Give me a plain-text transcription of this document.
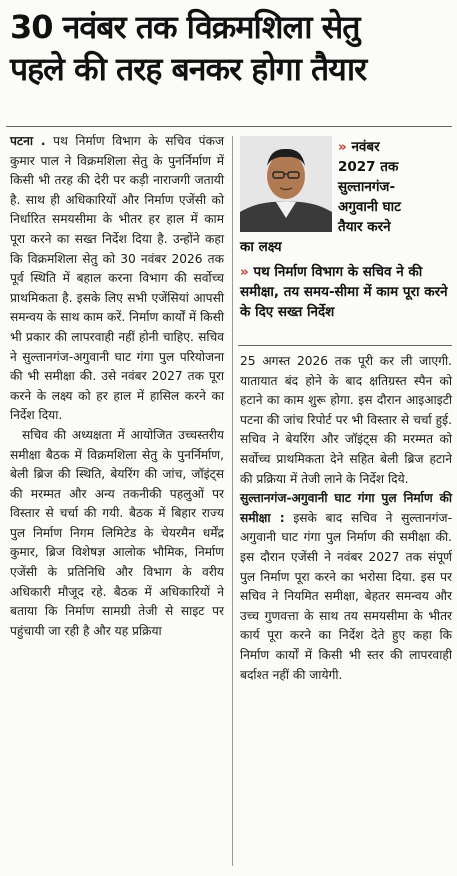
30 नवंबर तक विक्रमशिला सेतु
पहले की तरह बनकर होगा तैयार

पटना . पथ निर्माण विभाग के सचिव पंकज कुमार पाल ने विक्रमशिला सेतु के पुनर्निर्माण में किसी भी तरह की देरी पर कड़ी नाराजगी जतायी है. साथ ही अधिकारियों और निर्माण एजेंसी को निर्धारित समयसीमा के भीतर हर हाल में काम पूरा करने का सख्त निर्देश दिया है. उन्होंने कहा कि विक्रमशिला सेतु को 30 नवंबर 2026 तक पूर्व स्थिति में बहाल करना विभाग की सर्वोच्च प्राथमिकता है. इसके लिए सभी एजेंसियां आपसी समन्वय के साथ काम करें. निर्माण कार्यों में किसी भी प्रकार की लापरवाही नहीं होनी चाहिए. सचिव ने सुल्तानगंज-अगुवानी घाट गंगा पुल परियोजना की भी समीक्षा की. उसे नवंबर 2027 तक पूरा करने के लक्ष्य को हर हाल में हासिल करने का निर्देश दिया.

सचिव की अध्यक्षता में आयोजित उच्चस्तरीय समीक्षा बैठक में विक्रमशिला सेतु के पुनर्निर्माण, बेली ब्रिज की स्थिति, बेयरिंग की जांच, जॉइंट्स की मरम्मत और अन्य तकनीकी पहलुओं पर विस्तार से चर्चा की गयी. बैठक में बिहार राज्य पुल निर्माण निगम लिमिटेड के चेयरमैन धर्मेंद्र कुमार, ब्रिज विशेषज्ञ आलोक भौमिक, निर्माण एजेंसी के प्रतिनिधि और विभाग के वरीय अधिकारी मौजूद रहे. बैठक में अधिकारियों ने बताया कि निर्माण सामग्री तेजी से साइट पर पहुंचायी जा रही है और यह प्रक्रिया

» नवंबर
2027 तक
सुल्तानगंज-
अगुवानी घाट
तैयार करने
का लक्ष्य
» पथ निर्माण विभाग के सचिव ने की समीक्षा, तय समय-सीमा में काम पूरा करने के दिए सख्त निर्देश

25 अगस्त 2026 तक पूरी कर ली जाएगी. यातायात बंद होने के बाद क्षतिग्रस्त स्पैन को हटाने का काम शुरू होगा. इस दौरान आइआइटी पटना की जांच रिपोर्ट पर भी विस्तार से चर्चा हुई. सचिव ने बेयरिंग और जॉइंट्स की मरम्मत को सर्वोच्च प्राथमिकता देने सहित बेली ब्रिज हटाने की प्रक्रिया में तेजी लाने के निर्देश दिये.

सुल्तानगंज-अगुवानी घाट गंगा पुल निर्माण की समीक्षा : इसके बाद सचिव ने सुल्तानगंज-अगुवानी घाट गंगा पुल निर्माण की समीक्षा की. इस दौरान एजेंसी ने नवंबर 2027 तक संपूर्ण पुल निर्माण पूरा करने का भरोसा दिया. इस पर सचिव ने नियमित समीक्षा, बेहतर समन्वय और उच्च गुणवत्ता के साथ तय समयसीमा के भीतर कार्य पूरा करने का निर्देश देते हुए कहा कि निर्माण कार्यों में किसी भी स्तर की लापरवाही बर्दाश्त नहीं की जायेगी.
